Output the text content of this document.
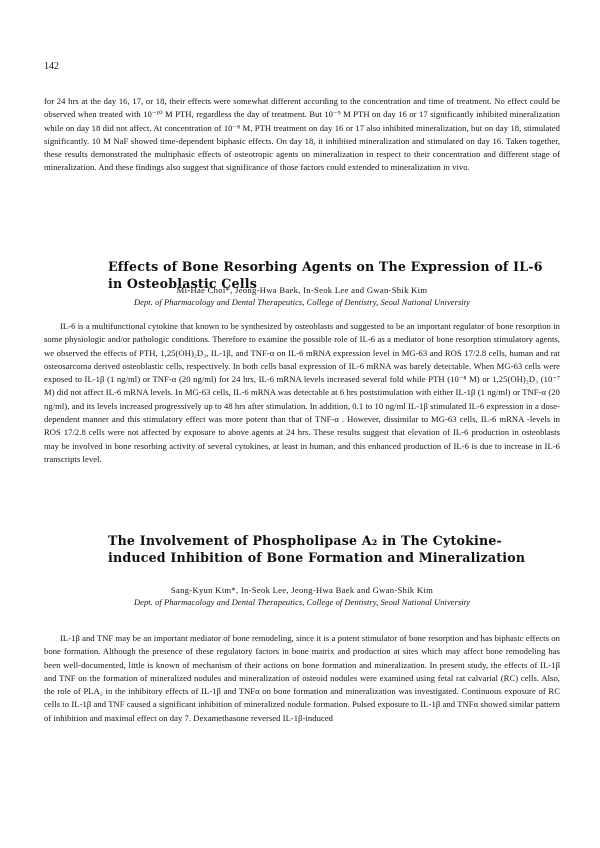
142

for 24 hrs at the day 16, 17, or 18, their effects were somewhat different according to the concentration and time of treatment. No effect could be observed when treated with 10⁻¹⁰ M PTH, regardless the day of treatment. But 10⁻⁹ M PTH on day 16 or 17 significantly inhibited mineralization while on day 18 did not affect. At concentration of 10⁻⁸ M, PTH treatment on day 16 or 17 also inhibited mineralization, but on day 18, stimulated significantly. 10 M NaF showed time-dependent biphasic effects. On day 18, it inhibited mineralization and stimulated on day 16. Taken together, these results demonstrated the multiphasic effects of osteotropic agents on mineralization in respect to their concentration and different stage of mineralization. And these findings also suggest that significance of those factors could extended to mineralization in vivo.

Effects of Bone Resorbing Agents on The Expression of IL-6
in Osteoblastic Cells

Mi-Hae Choi*, Jeong-Hwa Baek, In-Seok Lee and Gwan-Shik Kim

Dept. of Pharmacology and Dental Therapeutics, College of Dentistry, Seoul National University

IL-6 is a multifunctional cytokine that known to be synthesized by osteoblasts and suggested to be an important regulator of bone resorption in some physiologic and/or pathologic conditions. Therefore to examine the possible role of IL-6 as a mediator of bone resorption stimulatory agents, we observed the effects of PTH, 1,25(OH)₂D₃, IL-1β, and TNF-α on IL-6 mRNA expression level in MG-63 and ROS 17/2.8 cells, human and rat osteosarcoma derived osteoblastic cells, respectively. In both cells basal expression of IL-6 mRNA was barely detectable. When MG-63 cells were exposed to IL-1β (1 ng/ml) or TNF-α (20 ng/ml) for 24 hrs, IL-6 mRNA levels increased several fold while PTH (10⁻⁸ M) or 1,25(OH)₂D₃ (10⁻⁷ M) did not affect IL-6 mRNA levels. In MG-63 cells, IL-6 mRNA was detectable at 6 hrs poststimulation with either IL-1β (1 ng/ml) or TNF-α (20 ng/ml), and its levels increased progressively up to 48 hrs after stimulation. In addition, 0.1 to 10 ng/ml IL-1β stimulated IL-6 expression in a dose-dependent manner and this stimulatory effect was more potent than that of TNF-α . However, dissimilar to MG-63 cells, IL-6 mRNA -levels in ROS 17/2.8 cells were not affected by exposure to above agents at 24 hrs. These results suggest that elevation of IL-6 production in osteoblasts may be involved in bone resorbing activity of several cytokines, at least in human, and this enhanced production of IL-6 is due to increase in IL-6 transcripts level.

The Involvement of Phospholipase A₂ in The Cytokine-
induced Inhibition of Bone Formation and Mineralization

Sang-Kyun Kim*, In-Seok Lee, Jeong-Hwa Baek and Gwan-Shik Kim

Dept. of Pharmacology and Dental Therapeutics, College of Dentistry, Seoul National University

IL-1β and TNF may be an important mediator of bone remodeling, since it is a potent stimulator of bone resorption and has biphasic effects on bone formation. Although the presence of these regulatory factors in bone matrix and production at sites which may affect bone remodeling has been well-documented, little is known of mechanism of their actions on bone formation and mineralization. In present study, the effects of IL-1β and TNF on the formation of mineralized nodules and mineralization of osteoid nodules were examined using fetal rat calvarial (RC) cells. Also, the role of PLA₂ in the inhibitory effects of IL-1β and TNFα on bone formation and mineralization was investigated. Continuous exposure of RC cells to IL-1β and TNF caused a significant inhibition of mineralized nodule formation. Pulsed exposure to IL-1β and TNFα showed similar pattern of inhibition and maximal effect on day 7. Dexamethasone reversed IL-1β-induced
